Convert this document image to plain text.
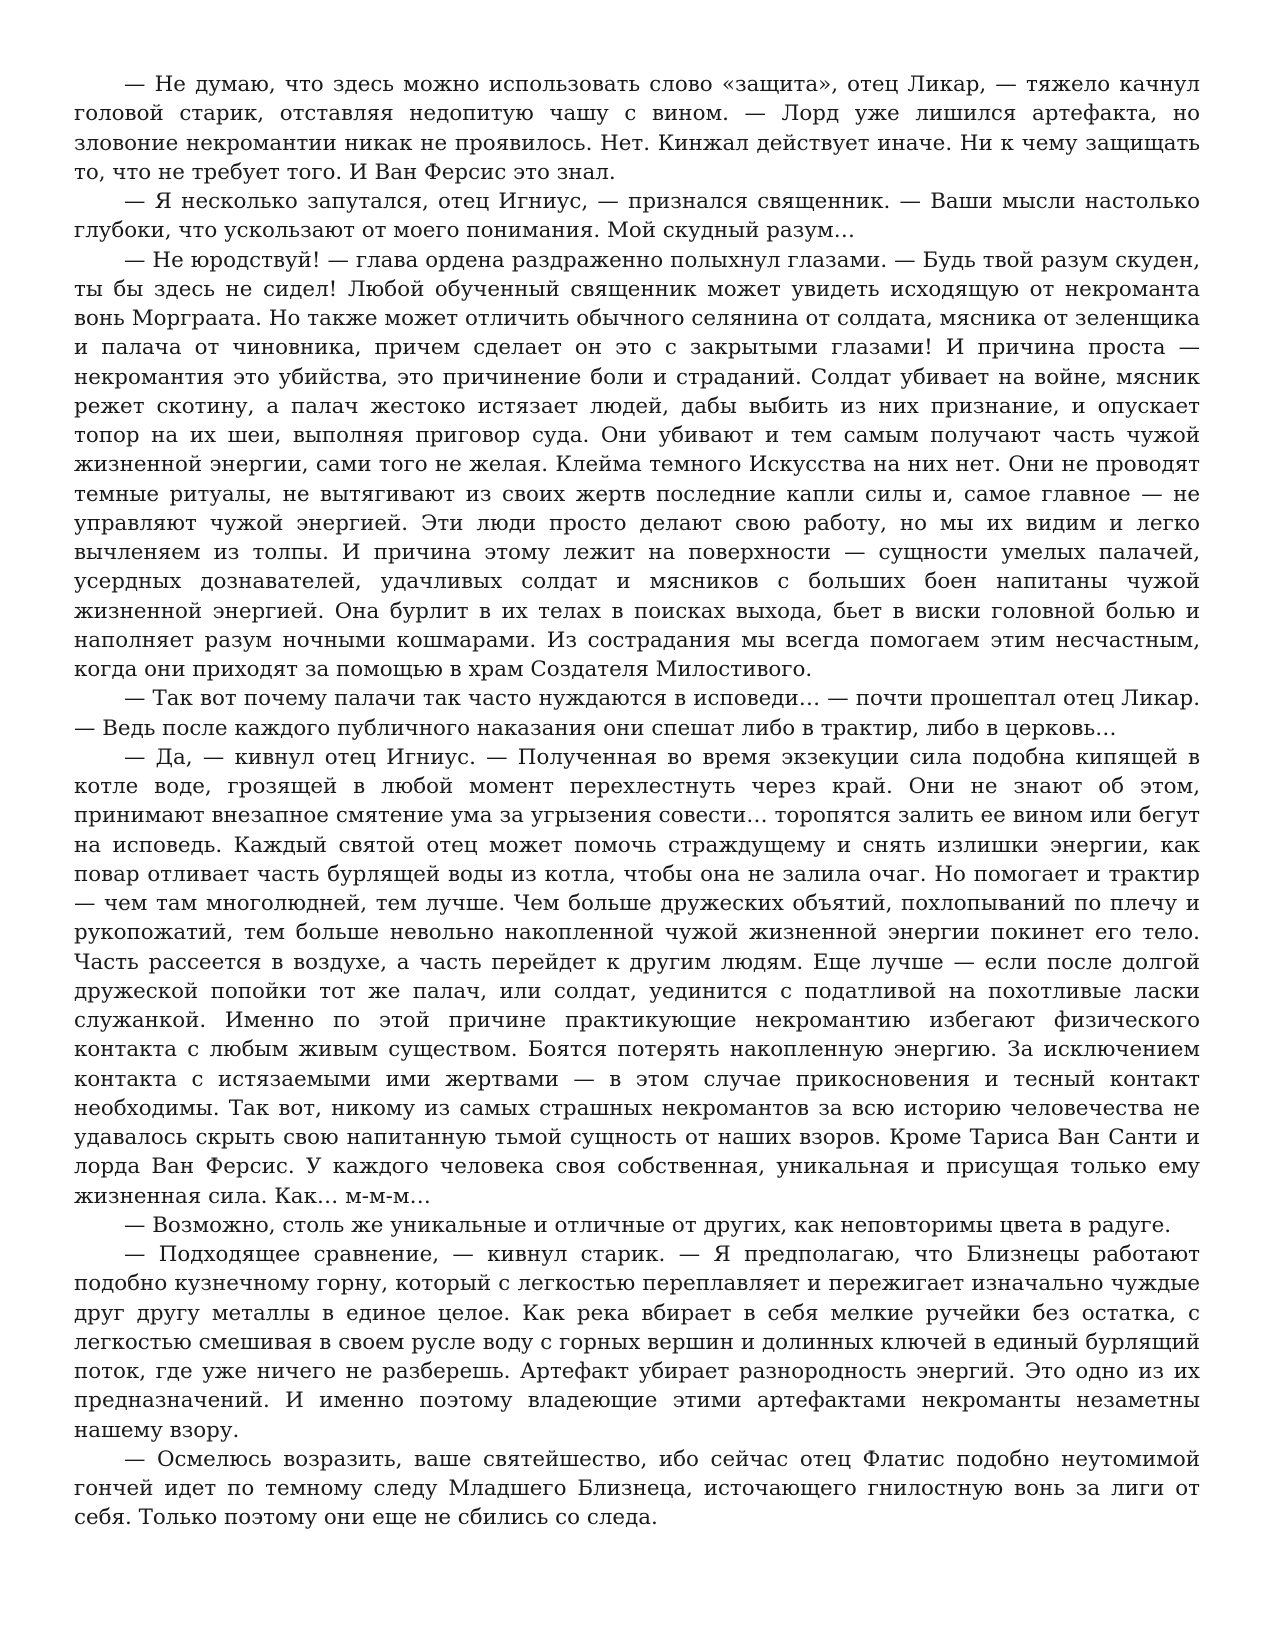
— Не думаю, что здесь можно использовать слово «защита», отец Ликар, — тяжело качнул головой старик, отставляя недопитую чашу с вином. — Лорд уже лишился артефакта, но зловоние некромантии никак не проявилось. Нет. Кинжал действует иначе. Ни к чему защищать то, что не требует того. И Ван Ферсис это знал.

— Я несколько запутался, отец Игниус, — признался священник. — Ваши мысли настолько глубоки, что ускользают от моего понимания. Мой скудный разум…

— Не юродствуй! — глава ордена раздраженно полыхнул глазами. — Будь твой разум скуден, ты бы здесь не сидел! Любой обученный священник может увидеть исходящую от некроманта вонь Морграата. Но также может отличить обычного селянина от солдата, мясника от зеленщика и палача от чиновника, причем сделает он это с закрытыми глазами! И причина проста — некромантия это убийства, это причинение боли и страданий. Солдат убивает на войне, мясник режет скотину, а палач жестоко истязает людей, дабы выбить из них признание, и опускает топор на их шеи, выполняя приговор суда. Они убивают и тем самым получают часть чужой жизненной энергии, сами того не желая. Клейма темного Искусства на них нет. Они не проводят темные ритуалы, не вытягивают из своих жертв последние капли силы и, самое главное — не управляют чужой энергией. Эти люди просто делают свою работу, но мы их видим и легко вычленяем из толпы. И причина этому лежит на поверхности — сущности умелых палачей, усердных дознавателей, удачливых солдат и мясников с больших боен напитаны чужой жизненной энергией. Она бурлит в их телах в поисках выхода, бьет в виски головной болью и наполняет разум ночными кошмарами. Из сострадания мы всегда помогаем этим несчастным, когда они приходят за помощью в храм Создателя Милостивого.

— Так вот почему палачи так часто нуждаются в исповеди… — почти прошептал отец Ликар. — Ведь после каждого публичного наказания они спешат либо в трактир, либо в церковь…

— Да, — кивнул отец Игниус. — Полученная во время экзекуции сила подобна кипящей в котле воде, грозящей в любой момент перехлестнуть через край. Они не знают об этом, принимают внезапное смятение ума за угрызения совести… торопятся залить ее вином или бегут на исповедь. Каждый святой отец может помочь страждущему и снять излишки энергии, как повар отливает часть бурлящей воды из котла, чтобы она не залила очаг. Но помогает и трактир — чем там многолюдней, тем лучше. Чем больше дружеских объятий, похлопываний по плечу и рукопожатий, тем больше невольно накопленной чужой жизненной энергии покинет его тело. Часть рассеется в воздухе, а часть перейдет к другим людям. Еще лучше — если после долгой дружеской попойки тот же палач, или солдат, уединится с податливой на похотливые ласки служанкой. Именно по этой причине практикующие некромантию избегают физического контакта с любым живым существом. Боятся потерять накопленную энергию. За исключением контакта с истязаемыми ими жертвами — в этом случае прикосновения и тесный контакт необходимы. Так вот, никому из самых страшных некромантов за всю историю человечества не удавалось скрыть свою напитанную тьмой сущность от наших взоров. Кроме Тариса Ван Санти и лорда Ван Ферсис. У каждого человека своя собственная, уникальная и присущая только ему жизненная сила. Как… м-м-м…

— Возможно, столь же уникальные и отличные от других, как неповторимы цвета в радуге.

— Подходящее сравнение, — кивнул старик. — Я предполагаю, что Близнецы работают подобно кузнечному горну, который с легкостью переплавляет и пережигает изначально чуждые друг другу металлы в единое целое. Как река вбирает в себя мелкие ручейки без остатка, с легкостью смешивая в своем русле воду с горных вершин и долинных ключей в единый бурлящий поток, где уже ничего не разберешь. Артефакт убирает разнородность энергий. Это одно из их предназначений. И именно поэтому владеющие этими артефактами некроманты незаметны нашему взору.

— Осмелюсь возразить, ваше святейшество, ибо сейчас отец Флатис подобно неутомимой гончей идет по темному следу Младшего Близнеца, источающего гнилостную вонь за лиги от себя. Только поэтому они еще не сбились со следа.
